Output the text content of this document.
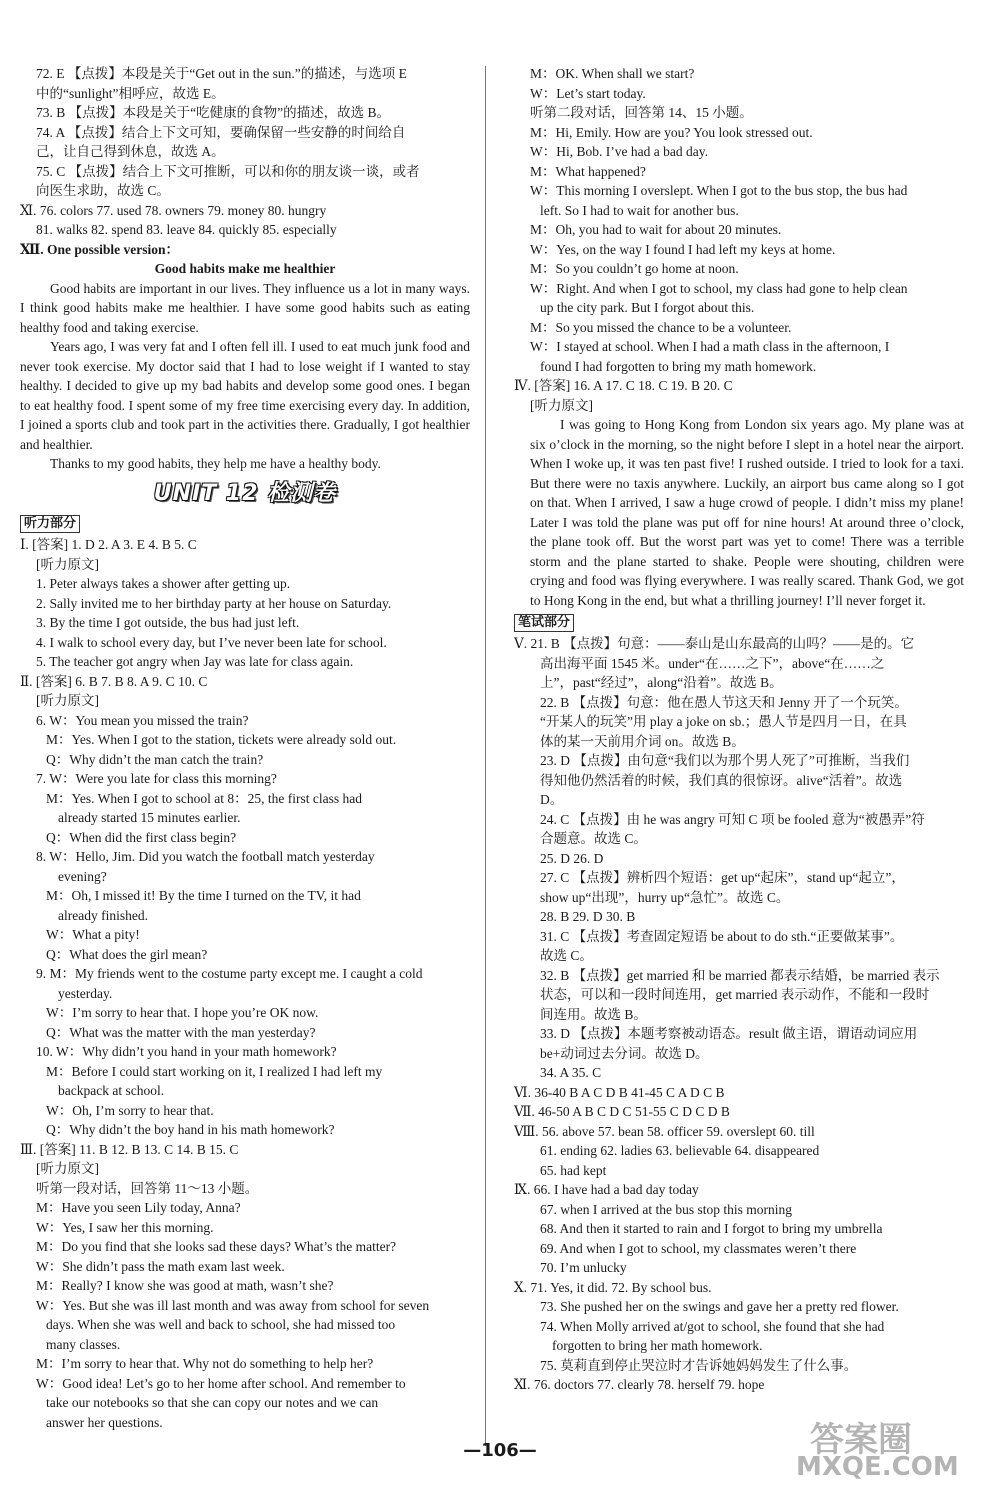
72. E 【点拨】本段是关于“Get out in the sun.”的描述，与选项 E
中的“sunlight”相呼应，故选 E。
73. B 【点拨】本段是关于“吃健康的食物”的描述，故选 B。
74. A 【点拨】结合上下文可知，要确保留一些安静的时间给自
己，让自己得到休息，故选 A。
75. C 【点拨】结合上下文可推断，可以和你的朋友谈一谈，或者
向医生求助，故选 C。
Ⅺ. 76. colors 77. used 78. owners 79. money 80. hungry
81. walks 82. spend 83. leave 84. quickly 85. especially
Ⅻ. One possible version：
Good habits make me healthier
Good habits are important in our lives. They influence us a lot in many ways. I think good habits make me healthier. I have some good habits such as eating healthy food and taking exercise.
Years ago, I was very fat and I often fell ill. I used to eat much junk food and never took exercise. My doctor said that I had to lose weight if I wanted to stay healthy. I decided to give up my bad habits and develop some good ones. I began to eat healthy food. I spent some of my free time exercising every day. In addition, I joined a sports club and took part in the activities there. Gradually, I got healthier and healthier.
Thanks to my good habits, they help me have a healthy body.
UNIT 12 检测卷
听力部分
Ⅰ. [答案] 1. D 2. A 3. E 4. B 5. C
[听力原文]
1. Peter always takes a shower after getting up.
2. Sally invited me to her birthday party at her house on Saturday.
3. By the time I got outside, the bus had just left.
4. I walk to school every day, but I’ve never been late for school.
5. The teacher got angry when Jay was late for class again.
Ⅱ. [答案] 6. B 7. B 8. A 9. C 10. C
[听力原文]
6. W：You mean you missed the train?
M：Yes. When I got to the station, tickets were already sold out.
Q：Why didn’t the man catch the train?
7. W：Were you late for class this morning?
M：Yes. When I got to school at 8：25, the first class had
already started 15 minutes earlier.
Q：When did the first class begin?
8. W：Hello, Jim. Did you watch the football match yesterday
evening?
M：Oh, I missed it! By the time I turned on the TV, it had
already finished.
W：What a pity!
Q：What does the girl mean?
9. M：My friends went to the costume party except me. I caught a cold
yesterday.
W：I’m sorry to hear that. I hope you’re OK now.
Q：What was the matter with the man yesterday?
10. W：Why didn’t you hand in your math homework?
M：Before I could start working on it, I realized I had left my
backpack at school.
W：Oh, I’m sorry to hear that.
Q：Why didn’t the boy hand in his math homework?
Ⅲ. [答案] 11. B 12. B 13. C 14. B 15. C
[听力原文]
听第一段对话，回答第 11～13 小题。
M：Have you seen Lily today, Anna?
W：Yes, I saw her this morning.
M：Do you find that she looks sad these days? What’s the matter?
W：She didn’t pass the math exam last week.
M：Really? I know she was good at math, wasn’t she?
W：Yes. But she was ill last month and was away from school for seven
days. When she was well and back to school, she had missed too
many classes.
M：I’m sorry to hear that. Why not do something to help her?
W：Good idea! Let’s go to her home after school. And remember to
take our notebooks so that she can copy our notes and we can
answer her questions.
M：OK. When shall we start?
W：Let’s start today.
听第二段对话，回答第 14、15 小题。
M：Hi, Emily. How are you? You look stressed out.
W：Hi, Bob. I’ve had a bad day.
M：What happened?
W：This morning I overslept. When I got to the bus stop, the bus had
left. So I had to wait for another bus.
M：Oh, you had to wait for about 20 minutes.
W：Yes, on the way I found I had left my keys at home.
M：So you couldn’t go home at noon.
W：Right. And when I got to school, my class had gone to help clean
up the city park. But I forgot about this.
M：So you missed the chance to be a volunteer.
W：I stayed at school. When I had a math class in the afternoon, I
found I had forgotten to bring my math homework.
Ⅳ. [答案] 16. A 17. C 18. C 19. B 20. C
[听力原文]
I was going to Hong Kong from London six years ago. My plane was at six o’clock in the morning, so the night before I slept in a hotel near the airport. When I woke up, it was ten past five! I rushed outside. I tried to look for a taxi. But there were no taxis anywhere. Luckily, an airport bus came along so I got on that. When I arrived, I saw a huge crowd of people. I didn’t miss my plane! Later I was told the plane was put off for nine hours! At around three o’clock, the plane took off. But the worst part was yet to come! There was a terrible storm and the plane started to shake. People were shouting, children were crying and food was flying everywhere. I was really scared. Thank God, we got to Hong Kong in the end, but what a thrilling journey! I’ll never forget it.
笔试部分
Ⅴ. 21. B 【点拨】句意：——泰山是山东最高的山吗？——是的。它
高出海平面 1545 米。under“在……之下”，above“在……之
上”，past“经过”，along“沿着”。故选 B。
22. B 【点拨】句意：他在愚人节这天和 Jenny 开了一个玩笑。
“开某人的玩笑”用 play a joke on sb.；愚人节是四月一日，在具
体的某一天前用介词 on。故选 B。
23. D 【点拨】由句意“我们以为那个男人死了”可推断，当我们
得知他仍然活着的时候，我们真的很惊讶。alive“活着”。故选
D。
24. C 【点拨】由 he was angry 可知 C 项 be fooled 意为“被愚弄”符
合题意。故选 C。
25. D 26. D
27. C 【点拨】辨析四个短语：get up“起床”，stand up“起立”，
show up“出现”，hurry up“急忙”。故选 C。
28. B 29. D 30. B
31. C 【点拨】考查固定短语 be about to do sth.“正要做某事”。
故选 C。
32. B 【点拨】get married 和 be married 都表示结婚，be married 表示
状态，可以和一段时间连用，get married 表示动作，不能和一段时
间连用。故选 B。
33. D 【点拨】本题考察被动语态。result 做主语，谓语动词应用
be+动词过去分词。故选 D。
34. A 35. C
Ⅵ. 36-40 B A C D B 41-45 C A D C B
Ⅶ. 46-50 A B C D C 51-55 C D C D B
Ⅷ. 56. above 57. bean 58. officer 59. overslept 60. till
61. ending 62. ladies 63. believable 64. disappeared
65. had kept
Ⅸ. 66. I have had a bad day today
67. when I arrived at the bus stop this morning
68. And then it started to rain and I forgot to bring my umbrella
69. And when I got to school, my classmates weren’t there
70. I’m unlucky
Ⅹ. 71. Yes, it did. 72. By school bus.
73. She pushed her on the swings and gave her a pretty red flower.
74. When Molly arrived at/got to school, she found that she had
forgotten to bring her math homework.
75. 莫莉直到停止哭泣时才告诉她妈妈发生了什么事。
Ⅺ. 76. doctors 77. clearly 78. herself 79. hope
—106—	答案圈
MXQE.COM
